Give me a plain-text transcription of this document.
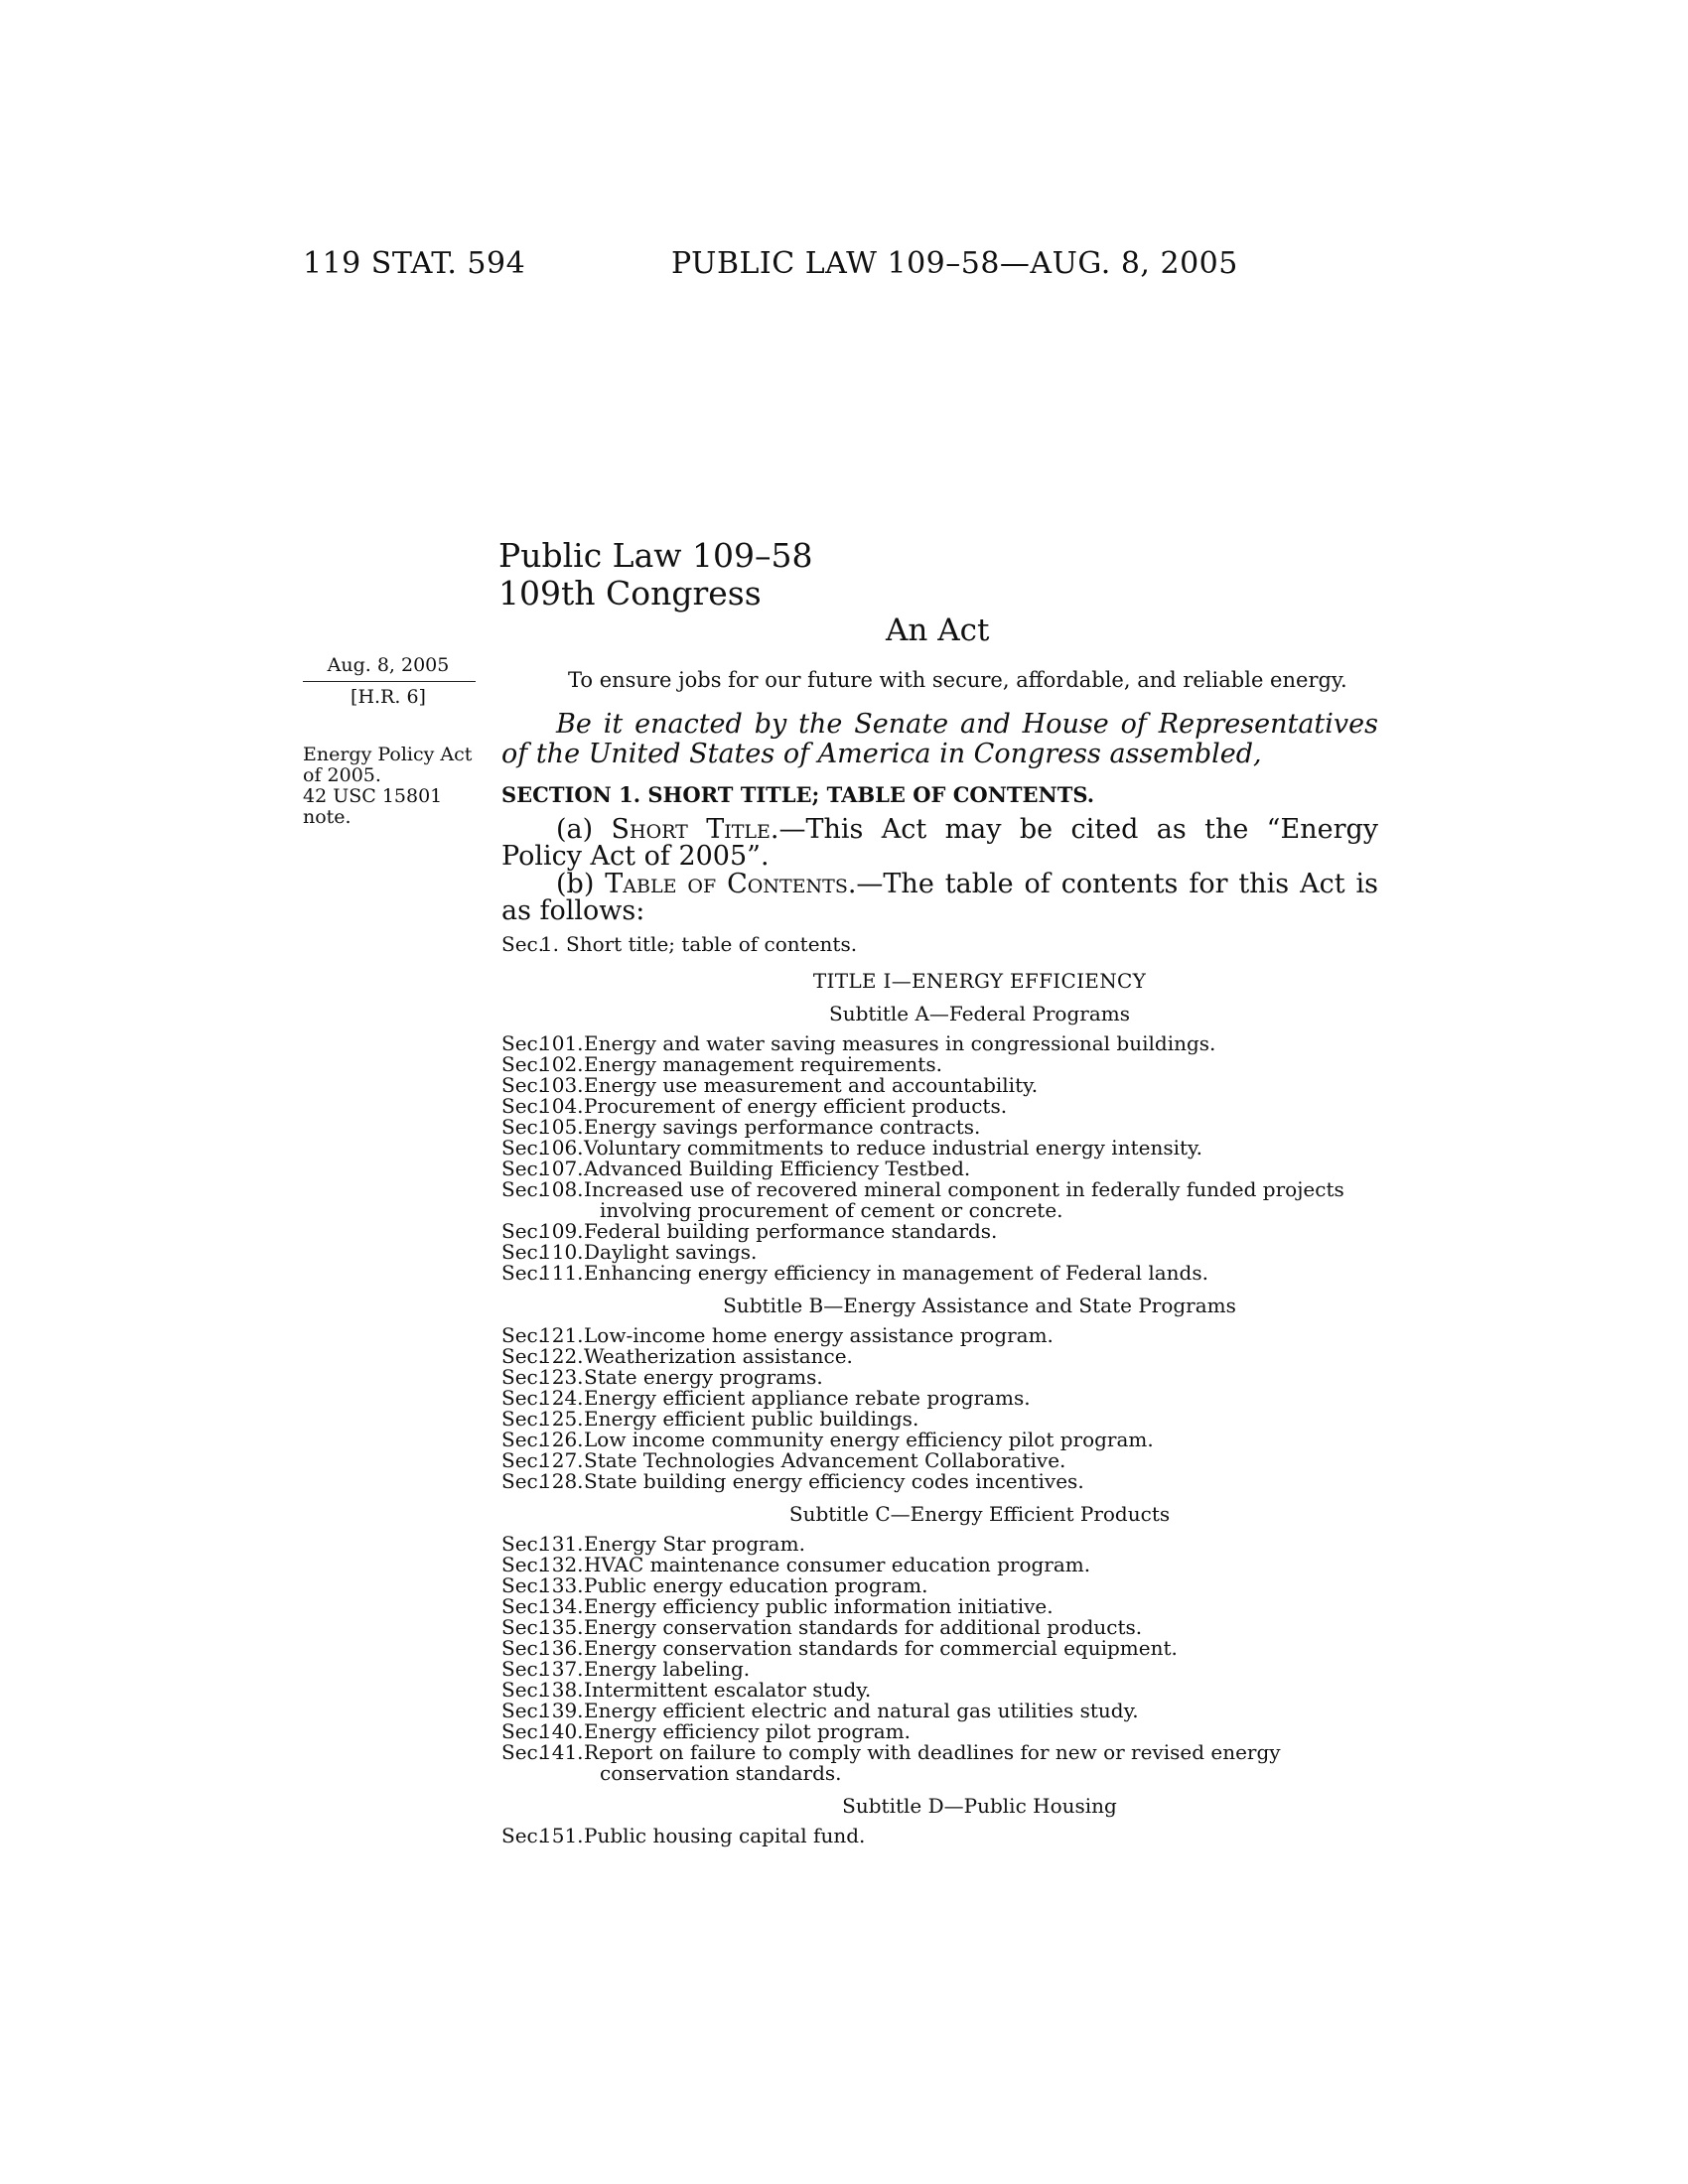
119 STAT. 594	PUBLIC LAW 109–58—AUG. 8, 2005
Public Law 109–58
109th Congress
An Act
Aug. 8, 2005
[H.R. 6]
Energy Policy Act
of 2005.
42 USC 15801
note.
To ensure jobs for our future with secure, affordable, and reliable energy.
Be it enacted by the Senate and House of Representatives of the United States of America in Congress assembled,
SECTION 1. SHORT TITLE; TABLE OF CONTENTS.
(a) Short Title.—This Act may be cited as the “Energy Policy Act of 2005”.
(b) Table of Contents.—The table of contents for this Act is as follows:
Sec.
1. Short title; table of contents.
TITLE I—ENERGY EFFICIENCY
Subtitle A—Federal Programs
Sec.
101. Energy and water saving measures in congressional buildings.
Sec.
102. Energy management requirements.
Sec.
103. Energy use measurement and accountability.
Sec.
104. Procurement of energy efficient products.
Sec.
105. Energy savings performance contracts.
Sec.
106. Voluntary commitments to reduce industrial energy intensity.
Sec.
107. Advanced Building Efficiency Testbed.
Sec.
108. Increased use of recovered mineral component in federally funded projects
involving procurement of cement or concrete.
Sec.
109. Federal building performance standards.
Sec.
110. Daylight savings.
Sec.
111. Enhancing energy efficiency in management of Federal lands.
Subtitle B—Energy Assistance and State Programs
Sec.
121. Low-income home energy assistance program.
Sec.
122. Weatherization assistance.
Sec.
123. State energy programs.
Sec.
124. Energy efficient appliance rebate programs.
Sec.
125. Energy efficient public buildings.
Sec.
126. Low income community energy efficiency pilot program.
Sec.
127. State Technologies Advancement Collaborative.
Sec.
128. State building energy efficiency codes incentives.
Subtitle C—Energy Efficient Products
Sec.
131. Energy Star program.
Sec.
132. HVAC maintenance consumer education program.
Sec.
133. Public energy education program.
Sec.
134. Energy efficiency public information initiative.
Sec.
135. Energy conservation standards for additional products.
Sec.
136. Energy conservation standards for commercial equipment.
Sec.
137. Energy labeling.
Sec.
138. Intermittent escalator study.
Sec.
139. Energy efficient electric and natural gas utilities study.
Sec.
140. Energy efficiency pilot program.
Sec.
141. Report on failure to comply with deadlines for new or revised energy
conservation standards.
Subtitle D—Public Housing
Sec.
151. Public housing capital fund.
